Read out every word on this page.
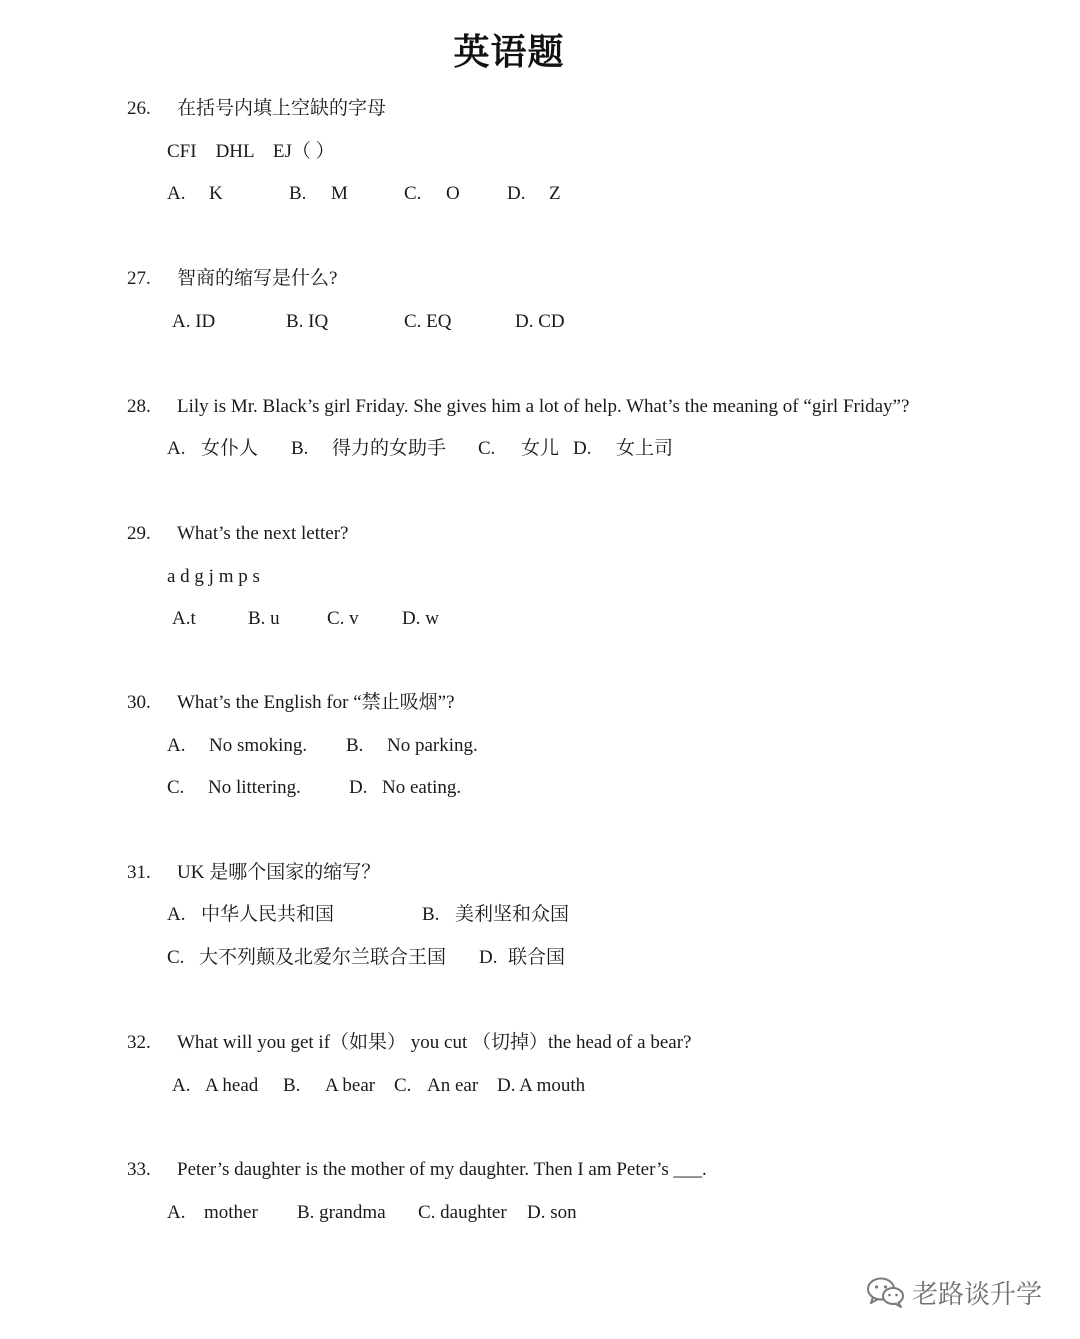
英语题
26. 在括号内填上空缺的字母
CFI    DHL    EJ（ ）
A. K	B. M	C. O D. Z
27. 智商的缩写是什么?
A. ID	B. IQ	C. EQ	D. CD
28. Lily is Mr. Black’s girl Friday. She gives him a lot of help. What’s the meaning of “girl Friday”?
A. 女仆人 B. 得力的女助手 C. 女儿 D. 女上司
29. What’s the next letter?
a d g j m p s
A.t	B. u C. v D. w
30. What’s the English for “禁止吸烟”?
A. No smoking. B. No parking.
C. No littering.	D. No eating.
31. UK 是哪个国家的缩写？
A. 中华人民共和国	B. 美利坚和众国
C. 大不列颠及北爱尔兰联合王国 D. 联合国
32. What will you get if（如果） you cut （切掉）the head of a bear?
A. A head B. A bear C. An ear D. A mouth
33. Peter’s daughter is the mother of my daughter. Then I am Peter’s ___.
A. mother B. grandma C. daughter D. son
老路谈升学
